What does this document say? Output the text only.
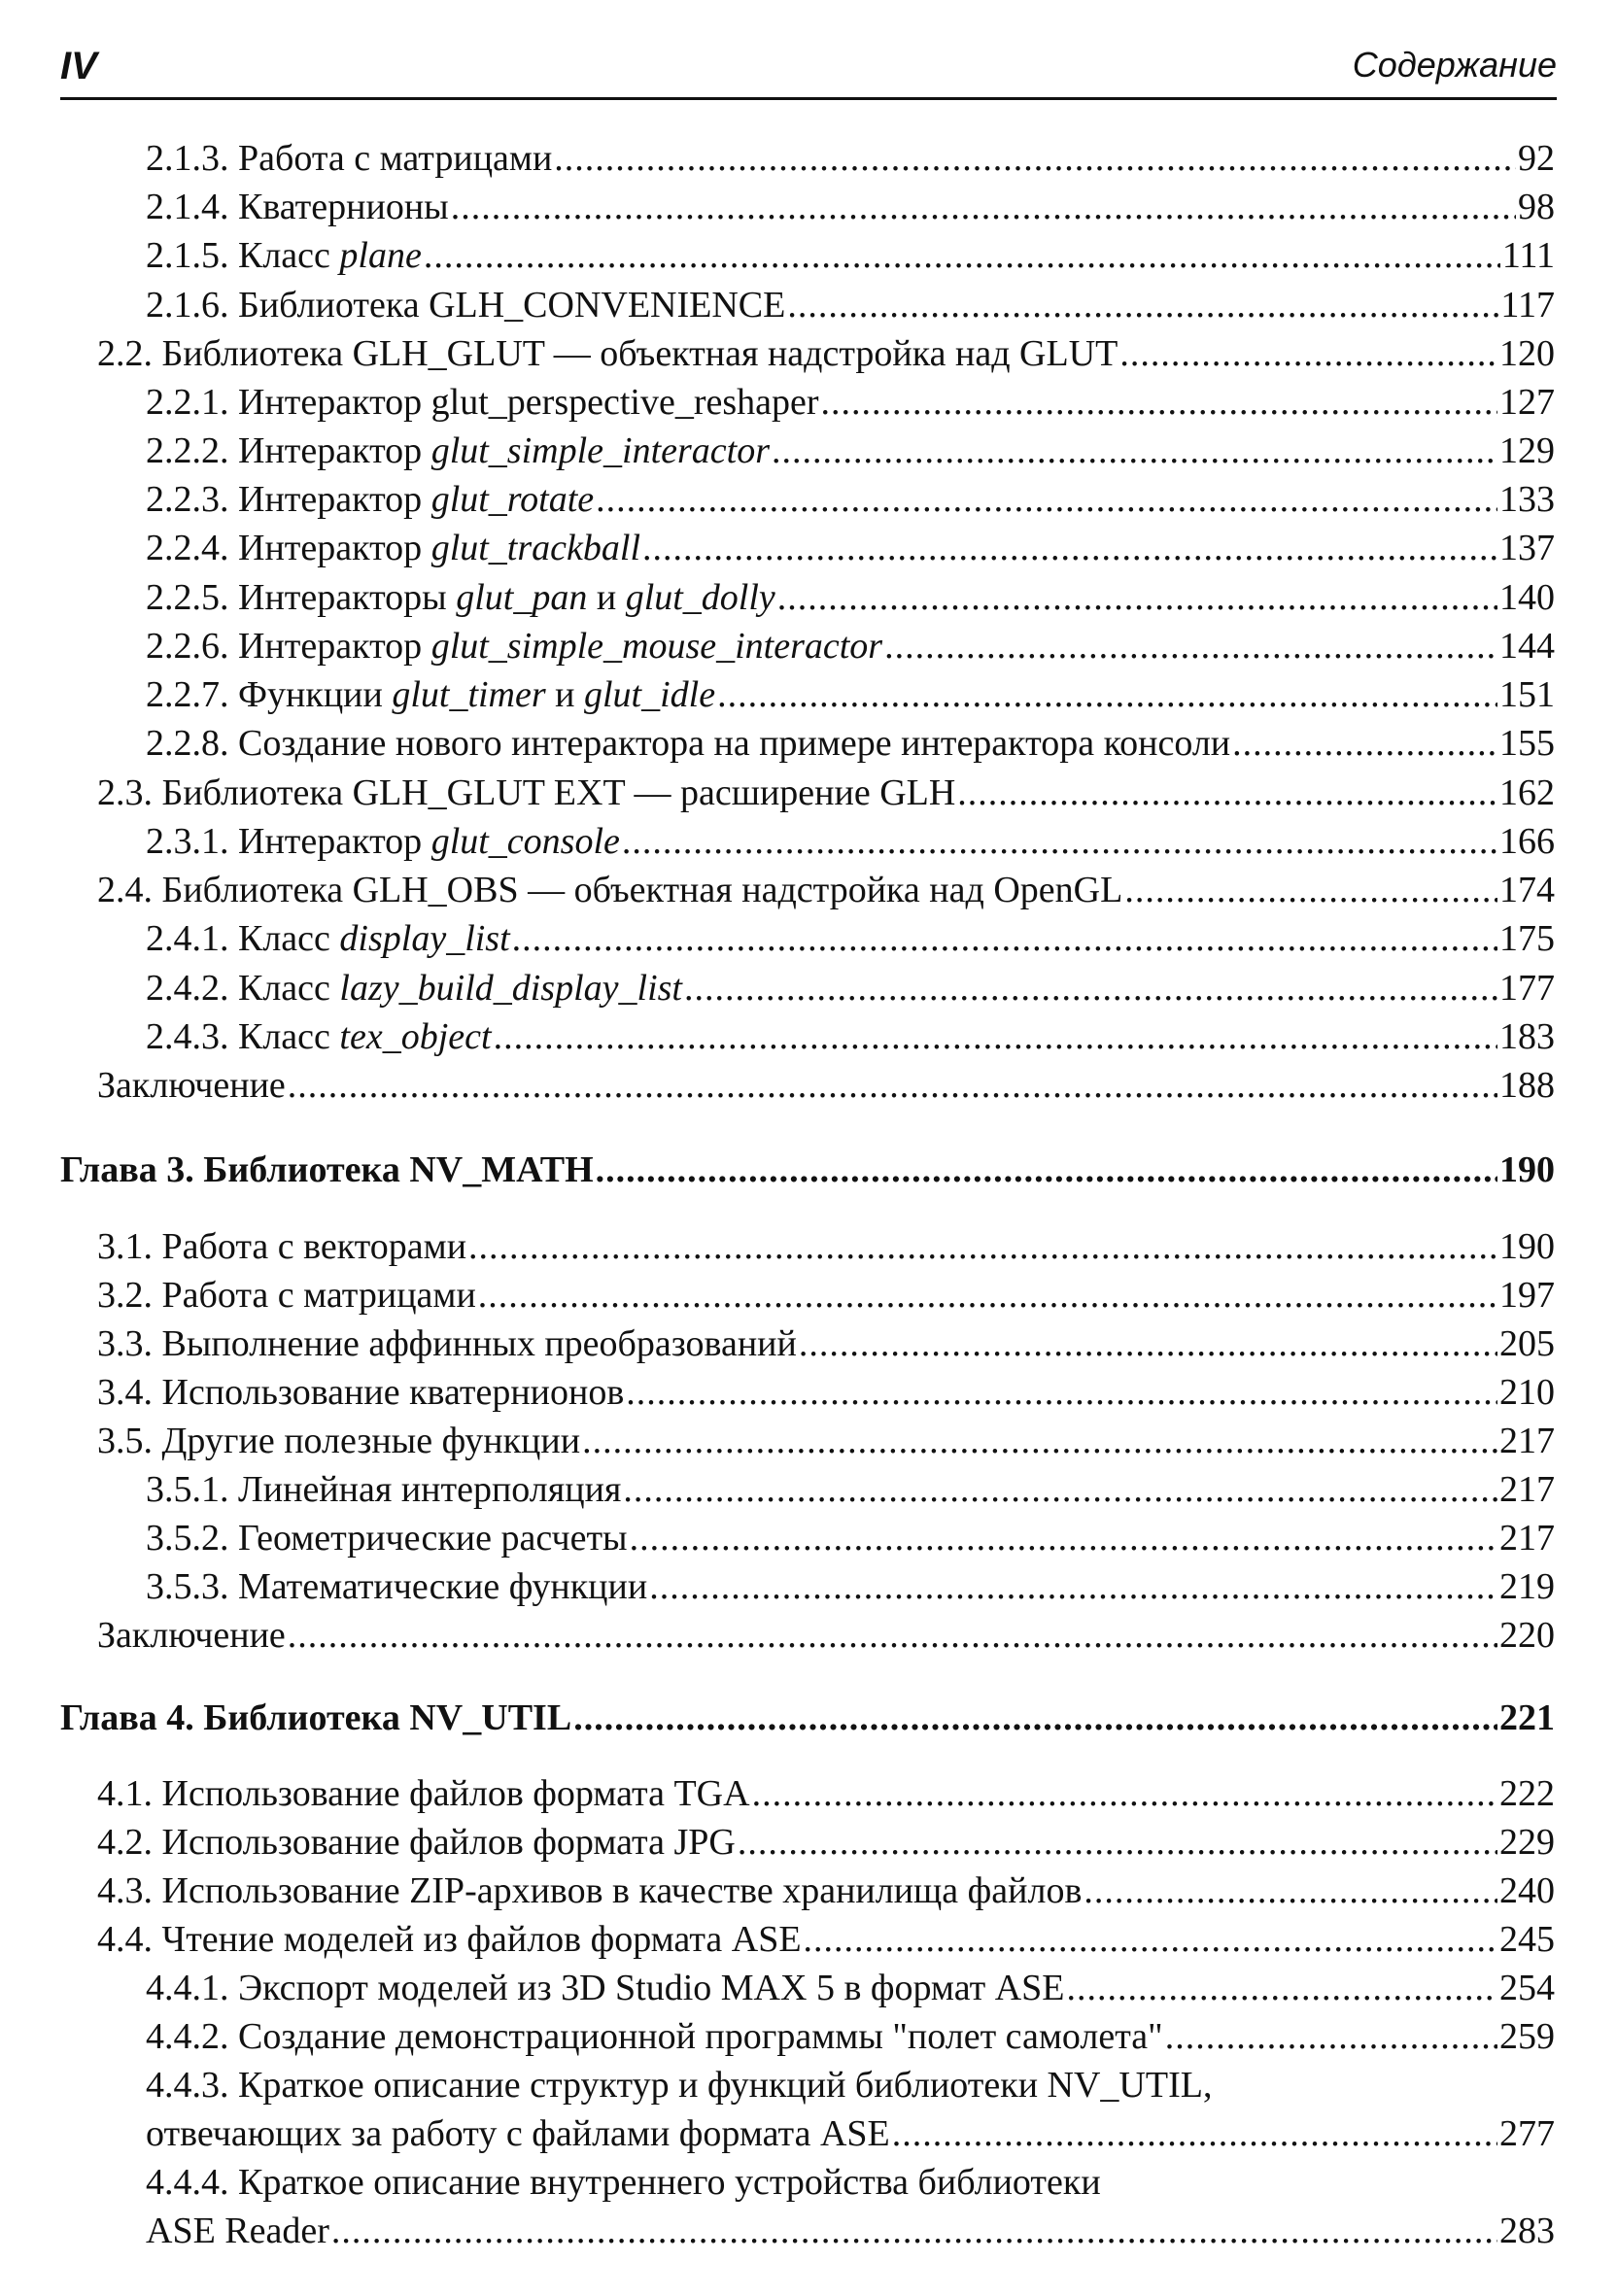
IV	Содержание
2.1.3. Работа с матрицами .....	92
2.1.4. Кватернионы .....	98
2.1.5. Класс plane .....	111
2.1.6. Библиотека GLH_CONVENIENCE .....	117
2.2. Библиотека GLH_GLUT — объектная надстройка над GLUT .....	120
2.2.1. Интерактор glut_perspective_reshaper .....	127
2.2.2. Интерактор glut_simple_interactor .....	129
2.2.3. Интерактор glut_rotate .....	133
2.2.4. Интерактор glut_trackball .....	137
2.2.5. Интеракторы glut_pan и glut_dolly .....	140
2.2.6. Интерактор glut_simple_mouse_interactor .....	144
2.2.7. Функции glut_timer и glut_idle .....	151
2.2.8. Создание нового интерактора на примере интерактора консоли .....	155
2.3. Библиотека GLH_GLUT EXT — расширение GLH .....	162
2.3.1. Интерактор glut_console .....	166
2.4. Библиотека GLH_OBS — объектная надстройка над OpenGL .....	174
2.4.1. Класс display_list .....	175
2.4.2. Класс lazy_build_display_list .....	177
2.4.3. Класс tex_object .....	183
Заключение .....	188
Глава 3. Библиотека NV_MATH .....	190
3.1. Работа с векторами .....	190
3.2. Работа с матрицами .....	197
3.3. Выполнение аффинных преобразований .....	205
3.4. Использование кватернионов .....	210
3.5. Другие полезные функции .....	217
3.5.1. Линейная интерполяция .....	217
3.5.2. Геометрические расчеты .....	217
3.5.3. Математические функции .....	219
Заключение .....	220
Глава 4. Библиотека NV_UTIL .....	221
4.1. Использование файлов формата TGA .....	222
4.2. Использование файлов формата JPG .....	229
4.3. Использование ZIP-архивов в качестве хранилища файлов .....	240
4.4. Чтение моделей из файлов формата ASE .....	245
4.4.1. Экспорт моделей из 3D Studio MAX 5 в формат ASE .....	254
4.4.2. Создание демонстрационной программы "полет самолета" .....	259
4.4.3. Краткое описание структур и функций библиотеки NV_UTIL,
отвечающих за работу с файлами формата ASE .....	277
4.4.4. Краткое описание внутреннего устройства библиотеки
ASE Reader .....	283
